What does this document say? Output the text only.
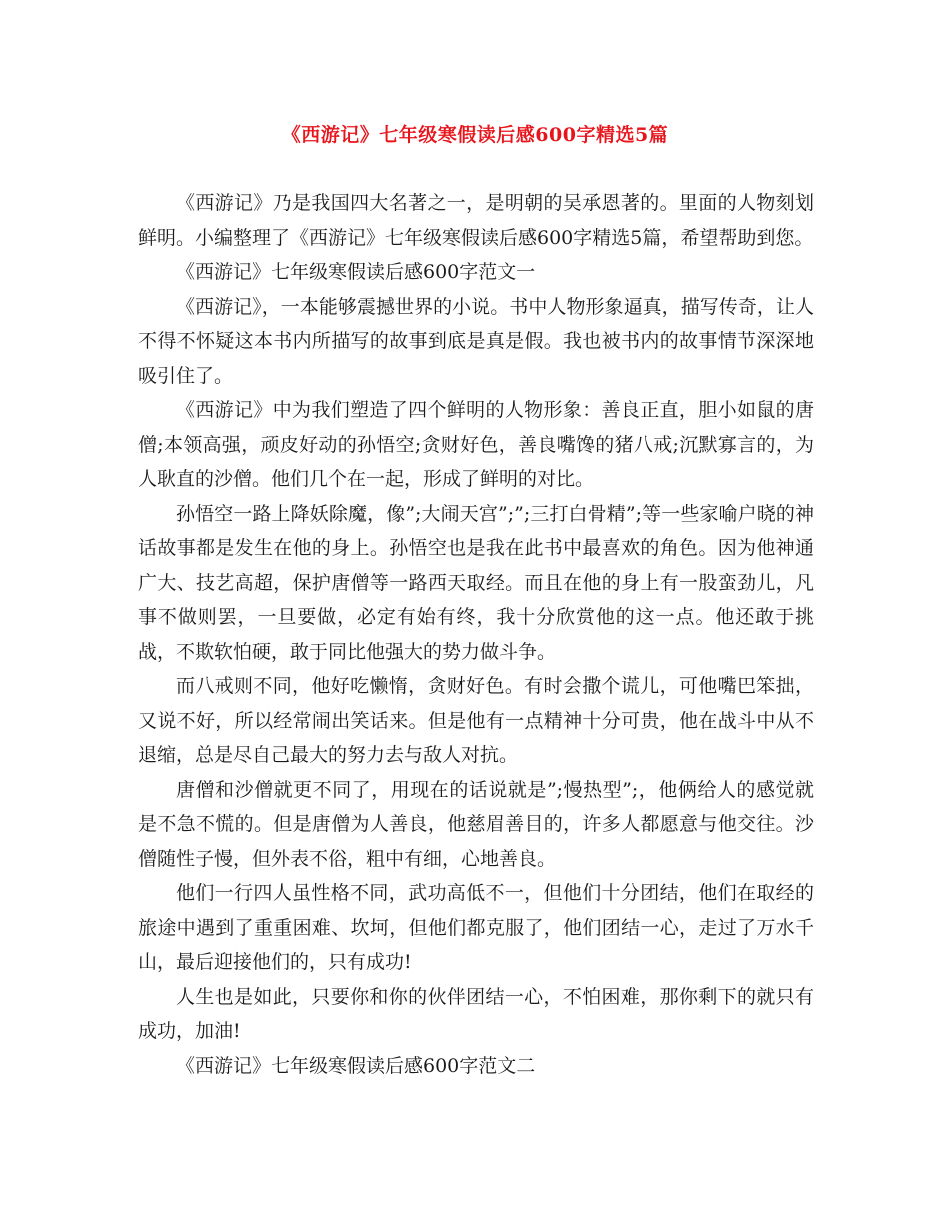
《西游记》七年级寒假读后感600字精选5篇

《西游记》乃是我国四大名著之一，是明朝的吴承恩著的。里面的人物刻划鲜明。小编整理了《西游记》七年级寒假读后感600字精选5篇，希望帮助到您。

《西游记》七年级寒假读后感600字范文一

《西游记》，一本能够震撼世界的小说。书中人物形象逼真，描写传奇，让人不得不怀疑这本书内所描写的故事到底是真是假。我也被书内的故事情节深深地吸引住了。

《西游记》中为我们塑造了四个鲜明的人物形象：善良正直，胆小如鼠的唐僧;本领高强，顽皮好动的孙悟空;贪财好色，善良嘴馋的猪八戒;沉默寡言的，为人耿直的沙僧。他们几个在一起，形成了鲜明的对比。

孙悟空一路上降妖除魔，像”;大闹天宫”;”;三打白骨精”;等一些家喻户晓的神话故事都是发生在他的身上。孙悟空也是我在此书中最喜欢的角色。因为他神通广大、技艺高超，保护唐僧等一路西天取经。而且在他的身上有一股蛮劲儿，凡事不做则罢，一旦要做，必定有始有终，我十分欣赏他的这一点。他还敢于挑战，不欺软怕硬，敢于同比他强大的势力做斗争。

而八戒则不同，他好吃懒惰，贪财好色。有时会撒个谎儿，可他嘴巴笨拙，又说不好，所以经常闹出笑话来。但是他有一点精神十分可贵，他在战斗中从不退缩，总是尽自己最大的努力去与敌人对抗。

唐僧和沙僧就更不同了，用现在的话说就是”;慢热型”;，他俩给人的感觉就是不急不慌的。但是唐僧为人善良，他慈眉善目的，许多人都愿意与他交往。沙僧随性子慢，但外表不俗，粗中有细，心地善良。

他们一行四人虽性格不同，武功高低不一，但他们十分团结，他们在取经的旅途中遇到了重重困难、坎坷，但他们都克服了，他们团结一心，走过了万水千山，最后迎接他们的，只有成功!

人生也是如此，只要你和你的伙伴团结一心，不怕困难，那你剩下的就只有成功，加油!

《西游记》七年级寒假读后感600字范文二
